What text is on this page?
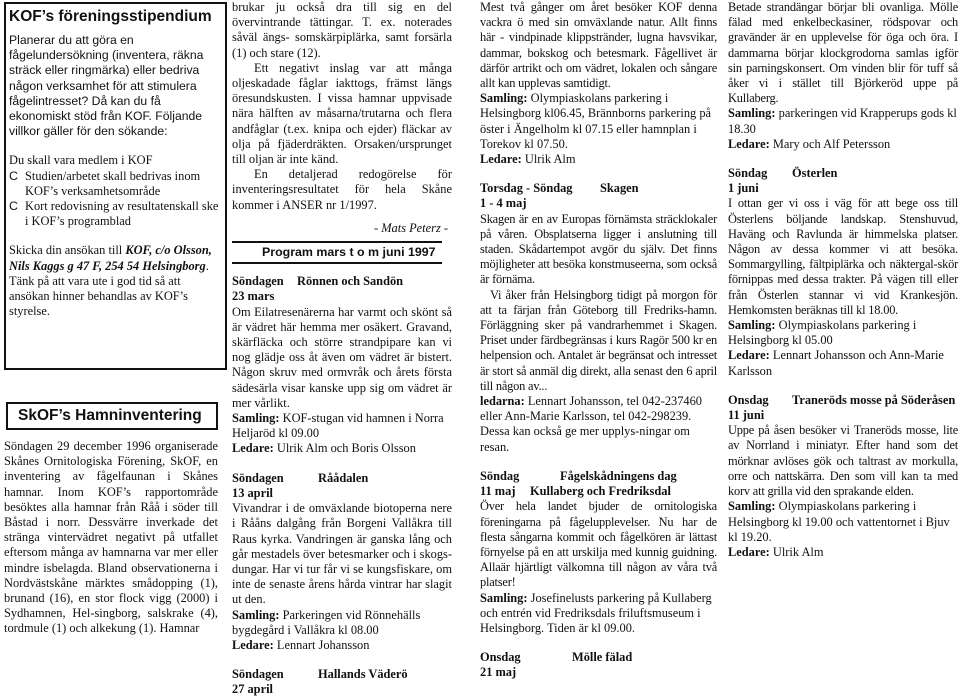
KOF’s föreningsstipendium

Planerar du att göra en fågelundersökning (inventera, räkna sträck eller ringmärka) eller bedriva någon verksamhet för att stimulera fågelintresset? Då kan du få ekonomiskt stöd från KOF. Följande villkor gäller för den sökande:

Du skall vara medlem i KOF

C Studien/arbetet skall bedrivas inom KOF’s verksamhetsområde

C Kort redovisning av resultatenskall ske i KOF’s programblad

Skicka din ansökan till KOF, c/o Olsson, Nils Kaggs g 47 F, 254 54 Helsingborg. Tänk på att vara ute i god tid så att ansökan hinner behandlas av KOF’s styrelse.

SkOF’s Hamninventering

Söndagen 29 december 1996 organiserade Skånes Ornitologiska Förening, SkOF, en inventering av fågelfaunan i Skånes hamnar. Inom KOF’s rapportområde besöktes alla hamnar från Råå i söder till Båstad i norr. Dessvärre inverkade det stränga vintervädret negativt på utfallet eftersom många av hamnarna var mer eller mindre isbelagda. Bland observationerna i Nordvästskåne märktes smådopping (1), brunand (16), en stor flock vigg (2000) i Sydhamnen, Hel-singborg, salskrake (4), tordmule (1) och alkekung (1). Hamnar

brukar ju också dra till sig en del övervintrande tättingar. T. ex. noterades såväl ängs- somskärpiplärka, samt forsärla (1) och stare (12).

Ett negativt inslag var att många oljeskadade fåglar iakttogs, främst längs öresundskusten. I vissa hamnar uppvisade nära hälften av måsarna/trutarna och flera andfåglar (t.ex. knipa och ejder) fläckar av olja på fjäderdräkten. Orsaken/ursprunget till oljan är inte känd.

En detaljerad redogörelse för inventeringsresultatet för hela Skåne kommer i ANSER nr 1/1997.

- Mats Peterz -

Program mars t o m juni 1997

Söndagen Rönnen och Sandön

23 mars

Om Eilatresenärerna har varmt och skönt så är vädret här hemma mer osäkert. Gravand, skärfläcka och större strandpipare kan vi nog glädje oss åt även om vädret är bistert. Någon skruv med ormvråk och årets första sädesärla visar kanske upp sig om vädret är mer vårlikt.

Samling: KOF-stugan vid hamnen i Norra Heljaröd kl 09.00

Ledare: Ulrik Alm och Boris Olsson

Söndagen	Råådalen

13 april

Vivandrar i de omväxlande biotoperna nere i Rååns dalgång från Borgeni Vallåkra till Raus kyrka. Vandringen är ganska lång och går mestadels över betesmarker och i skogs-dungar. Har vi tur får vi se kungsfiskare, om inte de senaste årens hårda vintrar har slagit ut den.

Samling: Parkeringen vid Rönnehälls bygdegård i Vallåkra kl 08.00

Ledare: Lennart Johansson

Söndagen	Hallands Väderö

27 april

Mest två gånger om året besöker KOF denna vackra ö med sin omväxlande natur. Allt finns här - vindpinade klippstränder, lugna havsvikar, dammar, bokskog och betesmark. Fågellivet är därför artrikt och om vädret, lokalen och sångare allt kan upplevas samtidigt.

Samling: Olympiaskolans parkering i Helsingborg kl06.45, Brännborns parkering på öster i Ängelholm kl 07.15 eller hamnplan i Torekov kl 07.50.

Ledare: Ulrik Alm

Torsdag - Söndag Skagen

1 - 4 maj

Skagen är en av Europas förnämsta sträcklokaler på våren. Obsplatserna ligger i anslutning till staden. Skådartempot avgör du själv. Det finns möjligheter att besöka konstmuseerna, som också är förnäma.

Vi åker från Helsingborg tidigt på morgon för att ta färjan från Göteborg till Fredriks-hamn. Förläggning sker på vandrarhemmet i Skagen. Priset under färdbegränsas i kurs Ragör 500 kr en helpension och. Antalet är begränsat och intresset är stort så anmäl dig direkt, alla senast den 6 april till någon av...

ledarna: Lennart Johansson, tel 042-237460 eller Ann-Marie Karlsson, tel 042-298239. Dessa kan också ge mer upplys-ningar om resan.

Söndag	Fågelskådningens dag

11 maj Kullaberg och Fredriksdal

Över hela landet bjuder de ornitologiska föreningarna på fågelupplevelser. Nu har de flesta sångarna kommit och fågelkören är lättast förnyelse på en att urskilja med kunnig guidning. Allaär hjärtligt välkomna till någon av våra två platser!

Samling: Josefinelusts parkering på Kullaberg och entrén vid Fredriksdals friluftsmuseum i Helsingborg. Tiden är kl 09.00.

Onsdag	Mölle fälad

21 maj

Betade strandängar börjar bli ovanliga. Mölle fälad med enkelbeckasiner, rödspovar och gravänder är en upplevelse för öga och öra. I dammarna börjar klockgrodorna samlas igför sin parningskonsert. Om vinden blir för tuff så åker vi i stället till Björkeröd uppe på Kullaberg.

Samling: parkeringen vid Krapperups gods kl 18.30

Ledare: Mary och Alf Petersson

Söndag Österlen

1 juni

I ottan ger vi oss i väg för att bege oss till Österlens böljande landskap. Stenshuvud, Haväng och Ravlunda är himmelska platser. Någon av dessa kommer vi att besöka. Sommargylling, fältpiplärka och näktergal-skör förnippas med dessa trakter. På vägen till eller från Österlen stannar vi vid Krankesjön. Hemkomsten beräknas till kl 18.00.

Samling: Olympiaskolans parkering i Helsingborg kl 05.00

Ledare: Lennart Johansson och Ann-Marie Karlsson

Onsdag Traneröds mosse på Söderåsen

11 juni

Uppe på åsen besöker vi Traneröds mosse, lite av Norrland i miniatyr. Efter hand som det mörknar avlöses gök och taltrast av morkulla, orre och nattskärra. Den som vill kan ta med korv att grilla vid den sprakande elden.

Samling: Olympiaskolans parkering i Helsingborg kl 19.00 och vattentornet i Bjuv kl 19.20.

Ledare: Ulrik Alm
